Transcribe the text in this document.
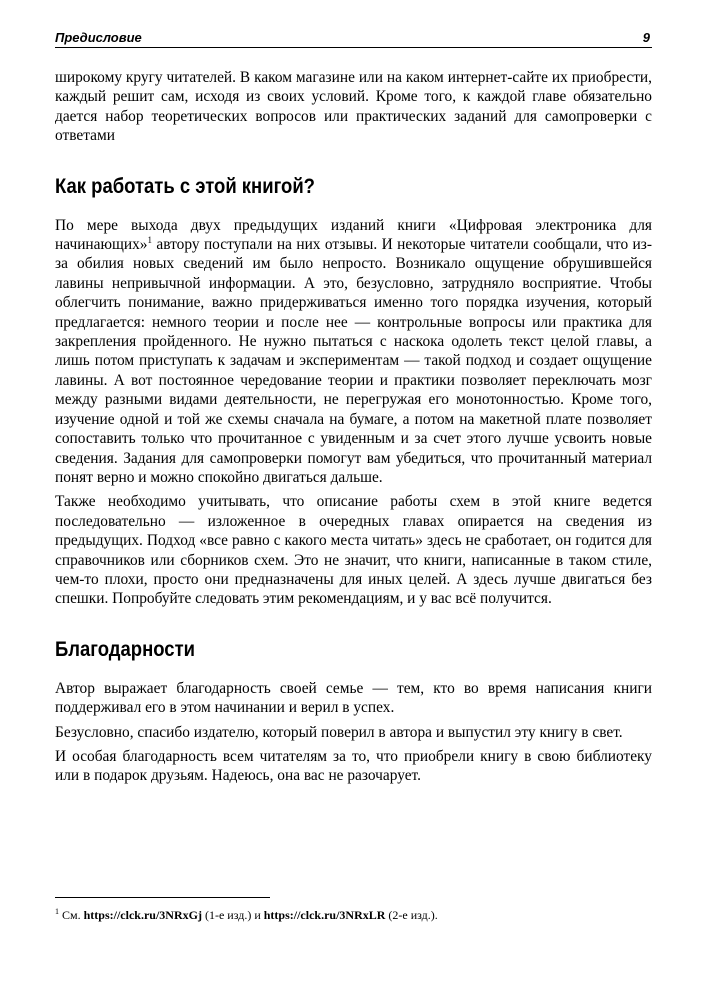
Предисловие	9

широкому кругу читателей. В каком магазине или на каком интернет-сайте их приобрести, каждый решит сам, исходя из своих условий. Кроме того, к каждой главе обязательно дается набор теоретических вопросов или практических заданий для самопроверки с ответами

Как работать с этой книгой?

По мере выхода двух предыдущих изданий книги «Цифровая электроника для начинающих»$^1$ автору поступали на них отзывы. И некоторые читатели сообщали, что из-за обилия новых сведений им было непросто. Возникало ощущение обрушившейся лавины непривычной информации. А это, безусловно, затрудняло восприятие. Чтобы облегчить понимание, важно придерживаться именно того порядка изучения, который предлагается: немного теории и после нее — контрольные вопросы или практика для закрепления пройденного. Не нужно пытаться с наскока одолеть текст целой главы, а лишь потом приступать к задачам и экспериментам — такой подход и создает ощущение лавины. А вот постоянное чередование теории и практики позволяет переключать мозг между разными видами деятельности, не перегружая его монотонностью. Кроме того, изучение одной и той же схемы сначала на бумаге, а потом на макетной плате позволяет сопоставить только что прочитанное с увиденным и за счет этого лучше усвоить новые сведения. Задания для самопроверки помогут вам убедиться, что прочитанный материал понят верно и можно спокойно двигаться дальше.

Также необходимо учитывать, что описание работы схем в этой книге ведется последовательно — изложенное в очередных главах опирается на сведения из предыдущих. Подход «все равно с какого места читать» здесь не сработает, он годится для справочников или сборников схем. Это не значит, что книги, написанные в таком стиле, чем-то плохи, просто они предназначены для иных целей. А здесь лучше двигаться без спешки. Попробуйте следовать этим рекомендациям, и у вас всё получится.

Благодарности

Автор выражает благодарность своей семье — тем, кто во время написания книги поддерживал его в этом начинании и верил в успех.

Безусловно, спасибо издателю, который поверил в автора и выпустил эту книгу в свет.

И особая благодарность всем читателям за то, что приобрели книгу в свою библиотеку или в подарок друзьям. Надеюсь, она вас не разочарует.

$^1$ См. https://clck.ru/3NRxGj (1-е изд.) и https://clck.ru/3NRxLR (2-е изд.).
